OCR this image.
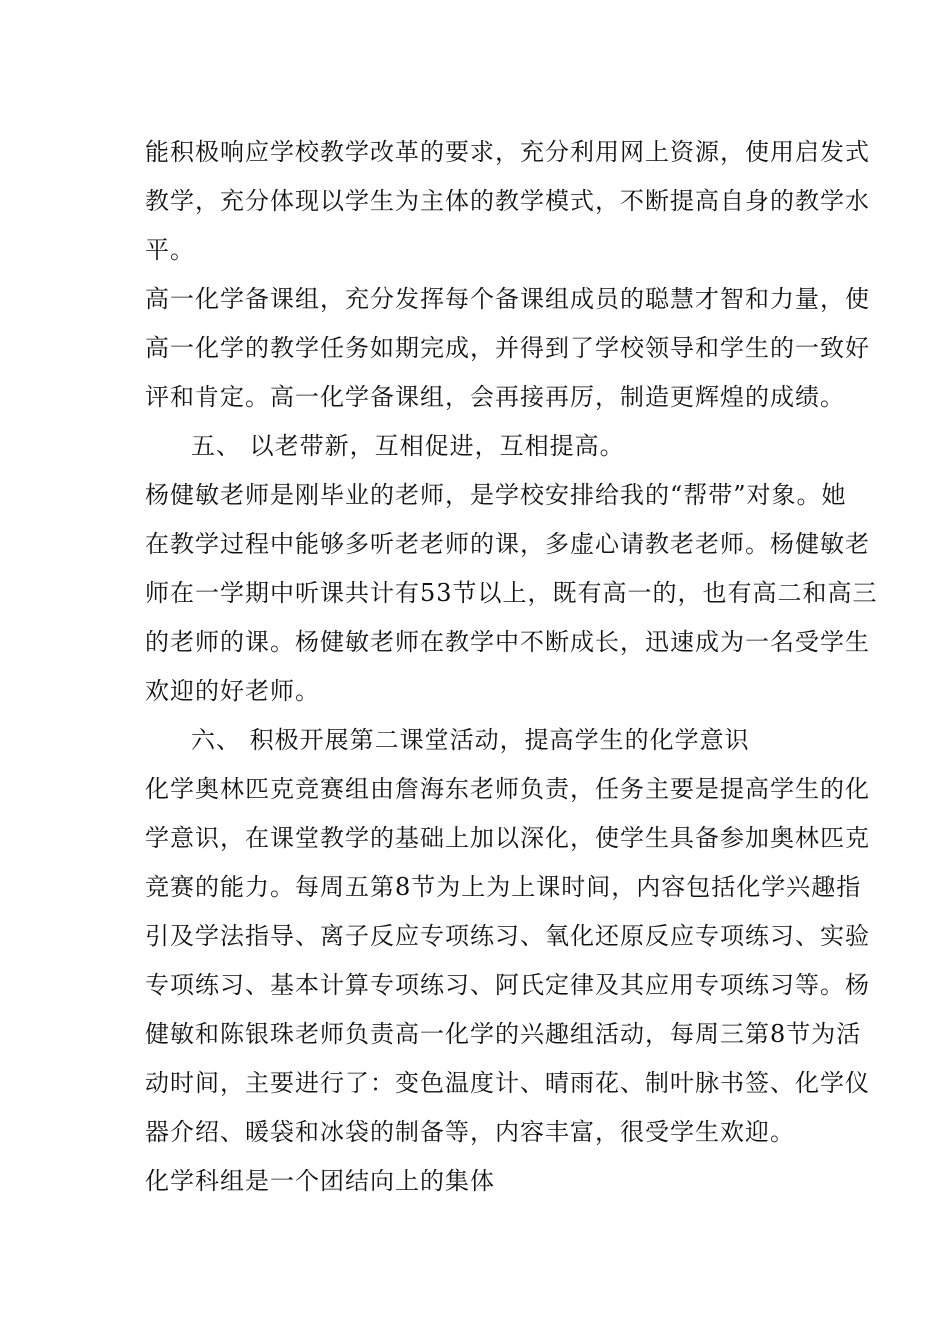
能积极响应学校教学改革的要求，充分利用网上资源，使用启发式
教学，充分体现以学生为主体的教学模式，不断提高自身的教学水
平。
高一化学备课组，充分发挥每个备课组成员的聪慧才智和力量，使
高一化学的教学任务如期完成，并得到了学校领导和学生的一致好
评和肯定。高一化学备课组，会再接再厉，制造更辉煌的成绩。
五、 以老带新，互相促进，互相提高。
杨健敏老师是刚毕业的老师，是学校安排给我的“帮带”对象。她
在教学过程中能够多听老老师的课，多虚心请教老老师。杨健敏老
师在一学期中听课共计有53节以上，既有高一的，也有高二和高三
的老师的课。杨健敏老师在教学中不断成长，迅速成为一名受学生
欢迎的好老师。
六、 积极开展第二课堂活动，提高学生的化学意识
化学奥林匹克竞赛组由詹海东老师负责，任务主要是提高学生的化
学意识，在课堂教学的基础上加以深化，使学生具备参加奥林匹克
竞赛的能力。每周五第8节为上为上课时间，内容包括化学兴趣指
引及学法指导、离子反应专项练习、氧化还原反应专项练习、实验
专项练习、基本计算专项练习、阿氏定律及其应用专项练习等。杨
健敏和陈银珠老师负责高一化学的兴趣组活动，每周三第8节为活
动时间，主要进行了：变色温度计、晴雨花、制叶脉书签、化学仪
器介绍、暖袋和冰袋的制备等，内容丰富，很受学生欢迎。
化学科组是一个团结向上的集体
